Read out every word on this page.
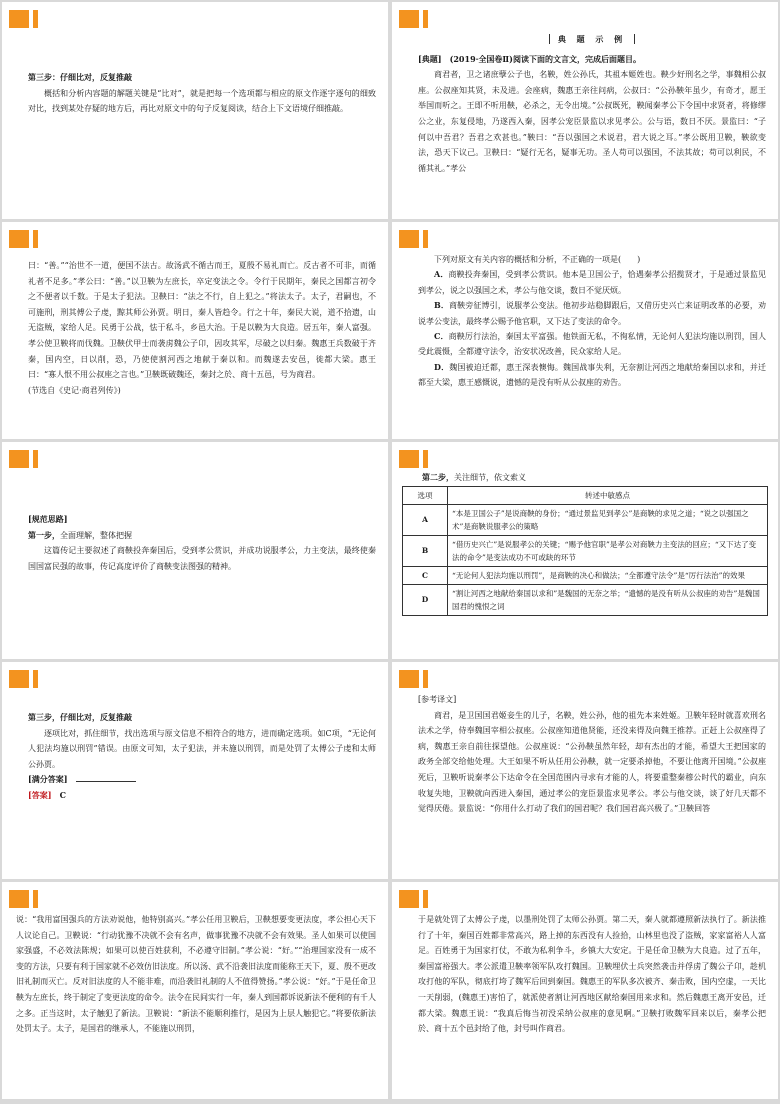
第三步：仔细比对，反复推敲

概括和分析内容题的解题关键是“比对”，就是把每一个选项都与相应的原文作逐字逐句的细致对比，找到某处存疑的地方后，再比对原文中的句子反复阅读，结合上下文语境仔细推敲。

典 题 示 例

[典题]　 (2019·全国卷Ⅱ)阅读下面的文言文，完成后面题目。

商君者，卫之诸庶孽公子也，名鞅，姓公孙氏，其祖本姬姓也。鞅少好刑名之学，事魏相公叔座。公叔座知其贤，未及进。会座病，魏惠王亲往问病，公叔曰：“公孙鞅年虽少，有奇才，愿王举国而听之。王即不听用鞅，必杀之，无令出境。”公叔既死，鞅闻秦孝公下令国中求贤者，将修缪公之业，东复侵地，乃遂西入秦，因孝公宠臣景监以求见孝公。公与语，数日不厌。景监曰：“子何以中吾君？吾君之欢甚也。”鞅曰：“吾以强国之术说君，君大说之耳。”孝公既用卫鞅，鞅欲变法，恐天下议己。卫鞅曰：“疑行无名，疑事无功。圣人苟可以强国，不法其故；苟可以利民，不循其礼。”孝公

曰：“善。”“治世不一道，便国不法古。故汤武不循古而王，夏殷不易礼而亡。反古者不可非，而循礼者不足多。”孝公曰：“善。”以卫鞅为左庶长，卒定变法之令。令行于民期年，秦民之国都言初令之不便者以千数。于是太子犯法。卫鞅曰：“法之不行，自上犯之。”将法太子。太子，君嗣也，不可施刑，刑其傅公子虔，黥其师公孙贾。明日，秦人皆趋令。行之十年，秦民大说，道不拾遗，山无盗贼，家给人足。民勇于公战，怯于私斗，乡邑大治。于是以鞅为大良造。居五年，秦人富强。孝公使卫鞅将而伐魏。卫鞅伏甲士而袭虏魏公子卬，因攻其军，尽破之以归秦。魏惠王兵数破于齐秦，国内空，日以削，恐，乃使使割河西之地献于秦以和。而魏遂去安邑，徙都大梁。惠王曰：“寡人恨不用公叔座之言也。”卫鞅既破魏还，秦封之於、商十五邑，号为商君。

(节选自《史记·商君列传》)

下列对原文有关内容的概括和分析，不正确的一项是(　　)

A．商鞅投奔秦国，受到孝公赏识。他本是卫国公子，恰遇秦孝公招揽贤才，于是通过景监见到孝公，说之以强国之术，孝公与他交谈，数日不觉厌烦。

B．商鞅旁征博引，说服孝公变法。他初步站稳脚跟后，又借历史兴亡来证明改革的必要，劝说孝公变法，最终孝公赐予他官职，又下达了变法的命令。

C．商鞅厉行法治，秦国太平富强。他铁面无私，不徇私情，无论何人犯法均施以刑罚，国人受此震慑，全都遵守法令，治安状况改善，民众家给人足。

D．魏国被迫迁都，惠王深表懊悔。魏国战事失利，无奈割让河西之地献给秦国以求和，并迁都至大梁，惠王感慨说，遗憾的是没有听从公叔座的劝告。

[规范思路]

第一步，全面理解，整体把握

这篇传记主要叙述了商鞅投奔秦国后，受到孝公赏识，并成功说服孝公，力主变法，最终使秦国国富民强的故事，传记高度评价了商鞅变法图强的精神。

第二步，关注细节，依文索义

选项	转述中敏感点
A	“本是卫国公子”是说商鞅的身份；“通过景监见到孝公”是商鞅的求见之道；“说之以强国之术”是商鞅说服孝公的策略
B	“借历史兴亡”是说服孝公的关键；“赐予他官职”是孝公对商鞅力主变法的回应；“又下达了变法的命令”是变法成功不可或缺的环节
C	“无论何人犯法均施以刑罚”，是商鞅的决心和做法；“全都遵守法令”是“厉行法治”的效果
D	“割让河西之地献给秦国以求和”是魏国的无奈之举；“遗憾的是没有听从公叔座的劝告”是魏国国君的愧恨之词

第三步，仔细比对，反复推敲

逐项比对，抓住细节，找出选项与原文信息不相符合的地方，进而确定选项。如C项，“无论何人犯法均施以刑罚”错误。由原文可知，太子犯法，并未施以刑罚，而是处罚了太傅公子虔和太师公孙贾。

[满分答案]　

[答案]　 C

[参考译文]

商君，是卫国国君姬妾生的儿子，名鞅，姓公孙，他的祖先本来姓姬。卫鞅年轻时就喜欢刑名法术之学，侍奉魏国宰相公叔座。公叔座知道他贤能，还没来得及向魏王推荐。正赶上公叔座得了病，魏惠王亲自前往探望他。公叔座说：“公孙鞅虽然年轻，却有杰出的才能，希望大王把国家的政务全部交给他处理。大王如果不听从任用公孙鞅，就一定要杀掉他，不要让他离开国境。”公叔座死后，卫鞅听说秦孝公下达命令在全国范围内寻求有才能的人，将要重整秦穆公时代的霸业，向东收复失地，卫鞅就向西进入秦国，通过孝公的宠臣景监求见孝公。孝公与他交谈，谈了好几天都不觉得厌倦。景监说：“你用什么打动了我们的国君呢？我们国君高兴极了。”卫鞅回答

说：“我用富国强兵的方法劝说他，他特别高兴。”孝公任用卫鞅后，卫鞅想要变更法度，孝公担心天下人议论自己。卫鞅说：“行动犹豫不决就不会有名声，做事犹豫不决就不会有效果。圣人如果可以使国家强盛，不必效法陈规；如果可以使百姓获利，不必遵守旧制。”孝公说：“好。”“治理国家没有一成不变的方法，只要有利于国家就不必效仿旧法度。所以汤、武不沿袭旧法度而能称王天下，夏、殷不更改旧礼制而灭亡。反对旧法度的人不能非难，而沿袭旧礼制的人不值得赞扬。”孝公说：“好。”于是任命卫鞅为左庶长，终于制定了变更法度的命令。法令在民间实行一年，秦人到国都诉说新法不便利的有千人之多。正当这时，太子触犯了新法。卫鞅说：“新法不能顺利推行，是因为上层人触犯它。”将要依新法处罚太子。太子，是国君的继承人，不能施以刑罚，

于是就处罚了太傅公子虔，以墨刑处罚了太师公孙贾。第二天，秦人就都遵照新法执行了。新法推行了十年，秦国百姓都非常高兴，路上掉的东西没有人捡拾，山林里也没了盗贼，家家富裕人人富足。百姓勇于为国家打仗，不敢为私利争斗，乡镇大大安定。于是任命卫鞅为大良造。过了五年，秦国富裕强大。孝公派遣卫鞅率领军队攻打魏国。卫鞅埋伏士兵突然袭击并俘虏了魏公子卬，趁机攻打他的军队，彻底打垮了魏军后回到秦国。魏惠王的军队多次被齐、秦击败，国内空虚，一天比一天削弱，(魏惠王)害怕了，就派使者割让河西地区献给秦国用来求和。然后魏惠王离开安邑，迁都大梁。魏惠王说：“我真后悔当初没采纳公叔座的意见啊。”卫鞅打败魏军回来以后，秦孝公把於、商十五个邑封给了他，封号叫作商君。
